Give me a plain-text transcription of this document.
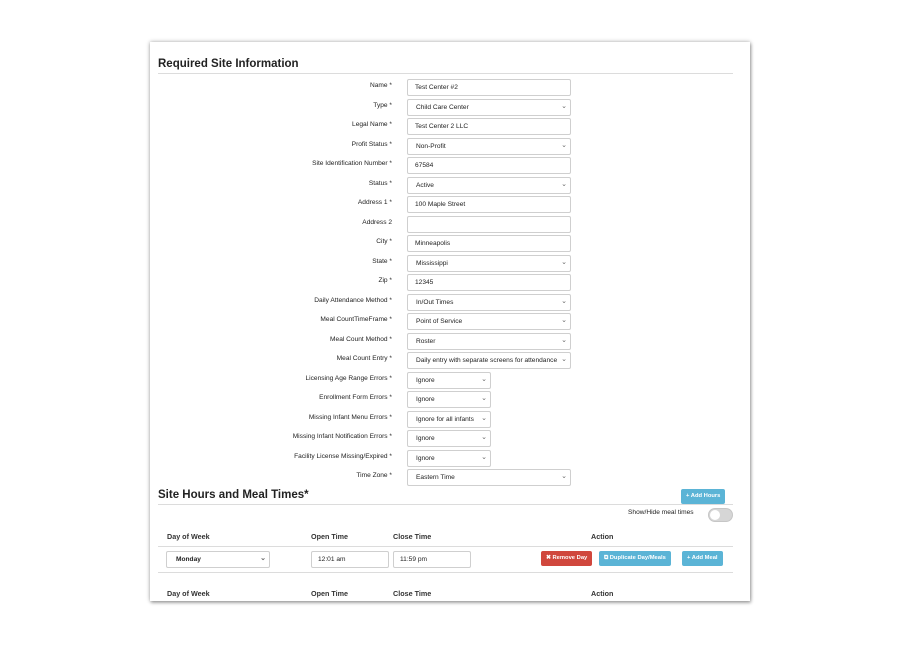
Required Site Information
Name *	Test Center #2
Type *	Child Care Center	⌄
Legal Name *	Test Center 2 LLC
Profit Status *	Non-Profit	⌄
Site Identification Number *	67584
Status *	Active	⌄
Address 1 *	100 Maple Street
Address 2
City *	Minneapolis
State *	Mississippi	⌄
Zip *	12345
Daily Attendance Method *	In/Out Times	⌄
Meal CountTimeFrame *	Point of Service	⌄
Meal Count Method *	Roster	⌄
Meal Count Entry *	Daily entry with separate screens for attendance ⌄
Licensing Age Range Errors *	Ignore	⌄
Enrollment Form Errors *	Ignore	⌄
Missing Infant Menu Errors *	Ignore for all infants ⌄
Missing Infant Notification Errors *	Ignore	⌄
Facility License Missing/Expired *	Ignore	⌄
Time Zone *	Eastern Time	⌄
Site Hours and Meal Times*	+ Add Hours
Show/Hide meal times
Day of Week	Open Time	Close Time	Action
Monday	⌄	12:01 am	11:59 pm	✖ Remove Day	⧉ Duplicate Day/Meals	+ Add Meal
Day of Week	Open Time	Close Time	Action
